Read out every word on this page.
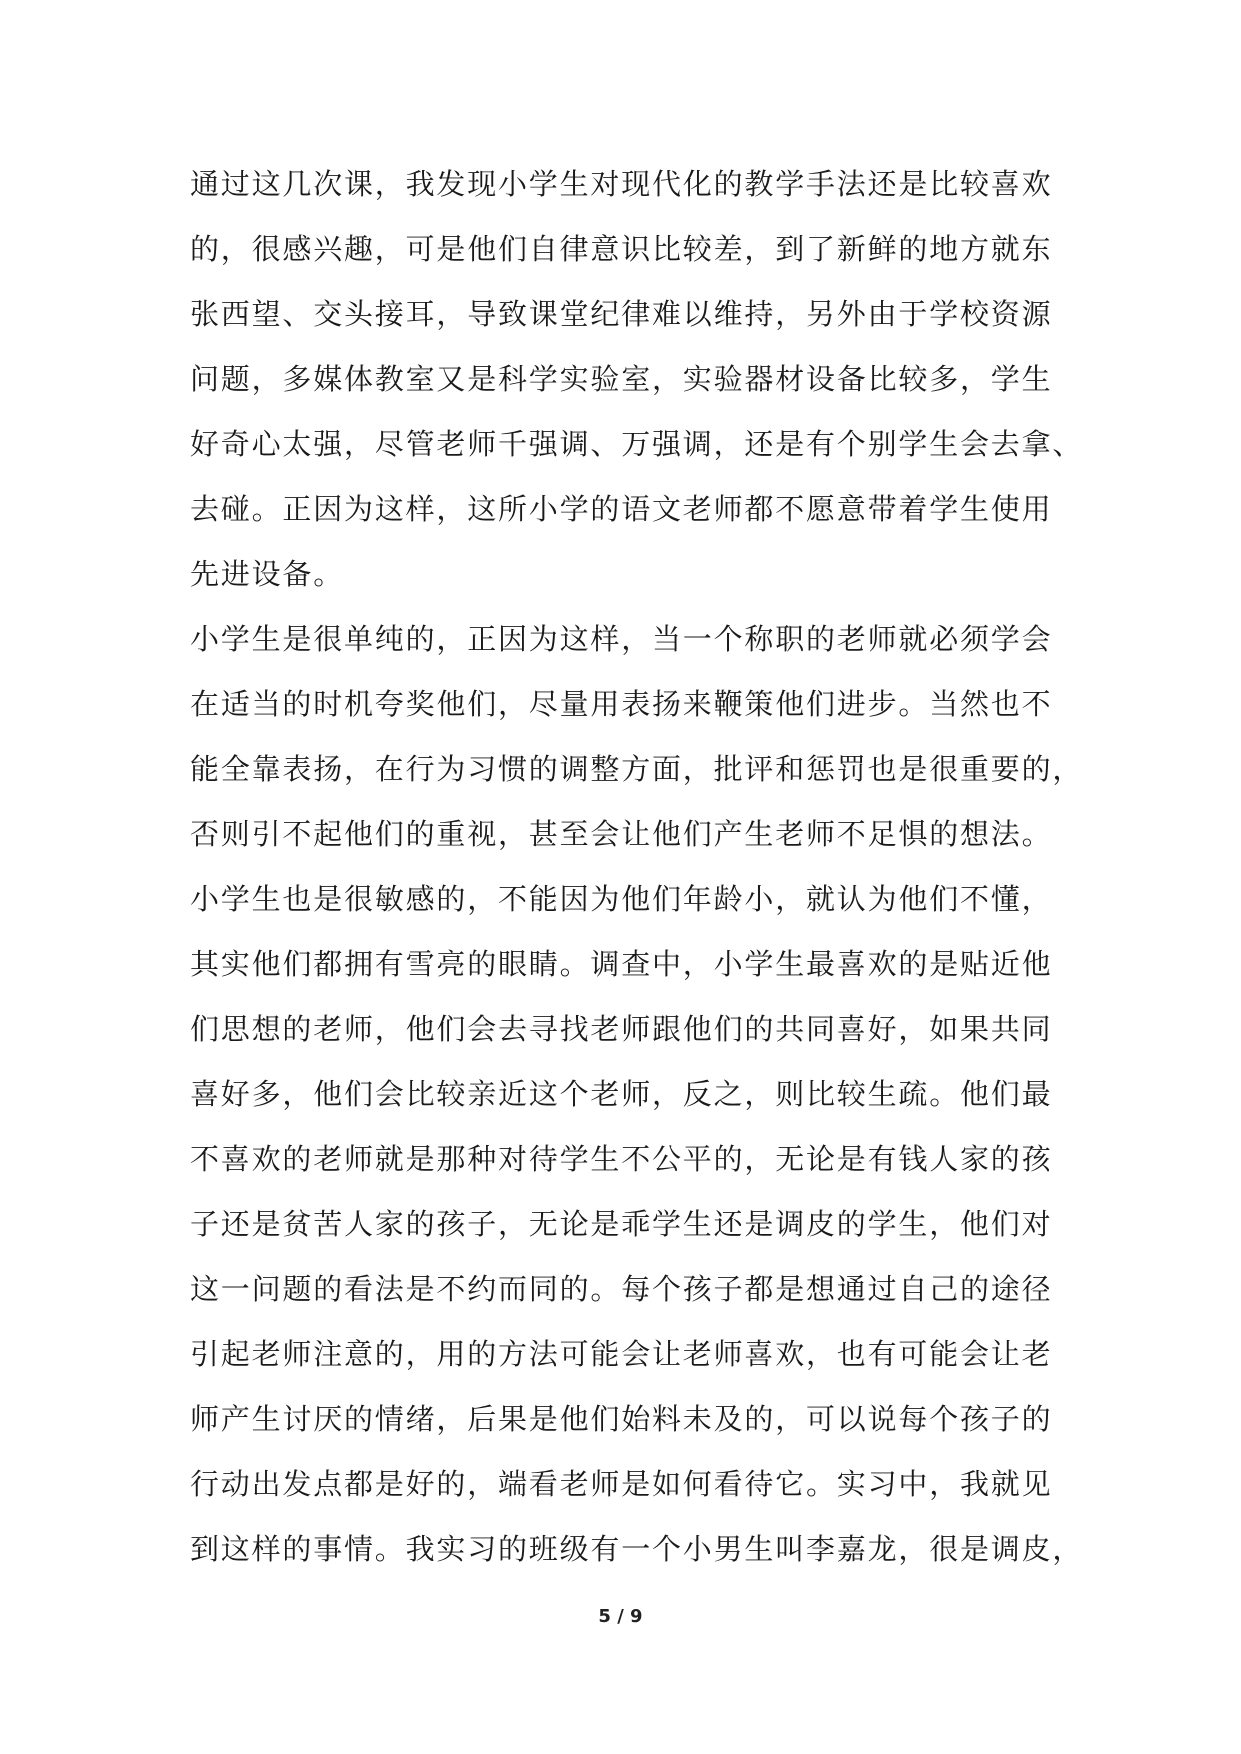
通过这几次课，我发现小学生对现代化的教学手法还是比较喜欢
的，很感兴趣，可是他们自律意识比较差，到了新鲜的地方就东
张西望、交头接耳，导致课堂纪律难以维持，另外由于学校资源
问题，多媒体教室又是科学实验室，实验器材设备比较多，学生
好奇心太强，尽管老师千强调、万强调，还是有个别学生会去拿、
去碰。正因为这样，这所小学的语文老师都不愿意带着学生使用
先进设备。
小学生是很单纯的，正因为这样，当一个称职的老师就必须学会
在适当的时机夸奖他们，尽量用表扬来鞭策他们进步。当然也不
能全靠表扬，在行为习惯的调整方面，批评和惩罚也是很重要的，
否则引不起他们的重视，甚至会让他们产生老师不足惧的想法。
小学生也是很敏感的，不能因为他们年龄小，就认为他们不懂，
其实他们都拥有雪亮的眼睛。调查中，小学生最喜欢的是贴近他
们思想的老师，他们会去寻找老师跟他们的共同喜好，如果共同
喜好多，他们会比较亲近这个老师，反之，则比较生疏。他们最
不喜欢的老师就是那种对待学生不公平的，无论是有钱人家的孩
子还是贫苦人家的孩子，无论是乖学生还是调皮的学生，他们对
这一问题的看法是不约而同的。每个孩子都是想通过自己的途径
引起老师注意的，用的方法可能会让老师喜欢，也有可能会让老
师产生讨厌的情绪，后果是他们始料未及的，可以说每个孩子的
行动出发点都是好的，端看老师是如何看待它。实习中，我就见
到这样的事情。我实习的班级有一个小男生叫李嘉龙，很是调皮，
5 / 9
